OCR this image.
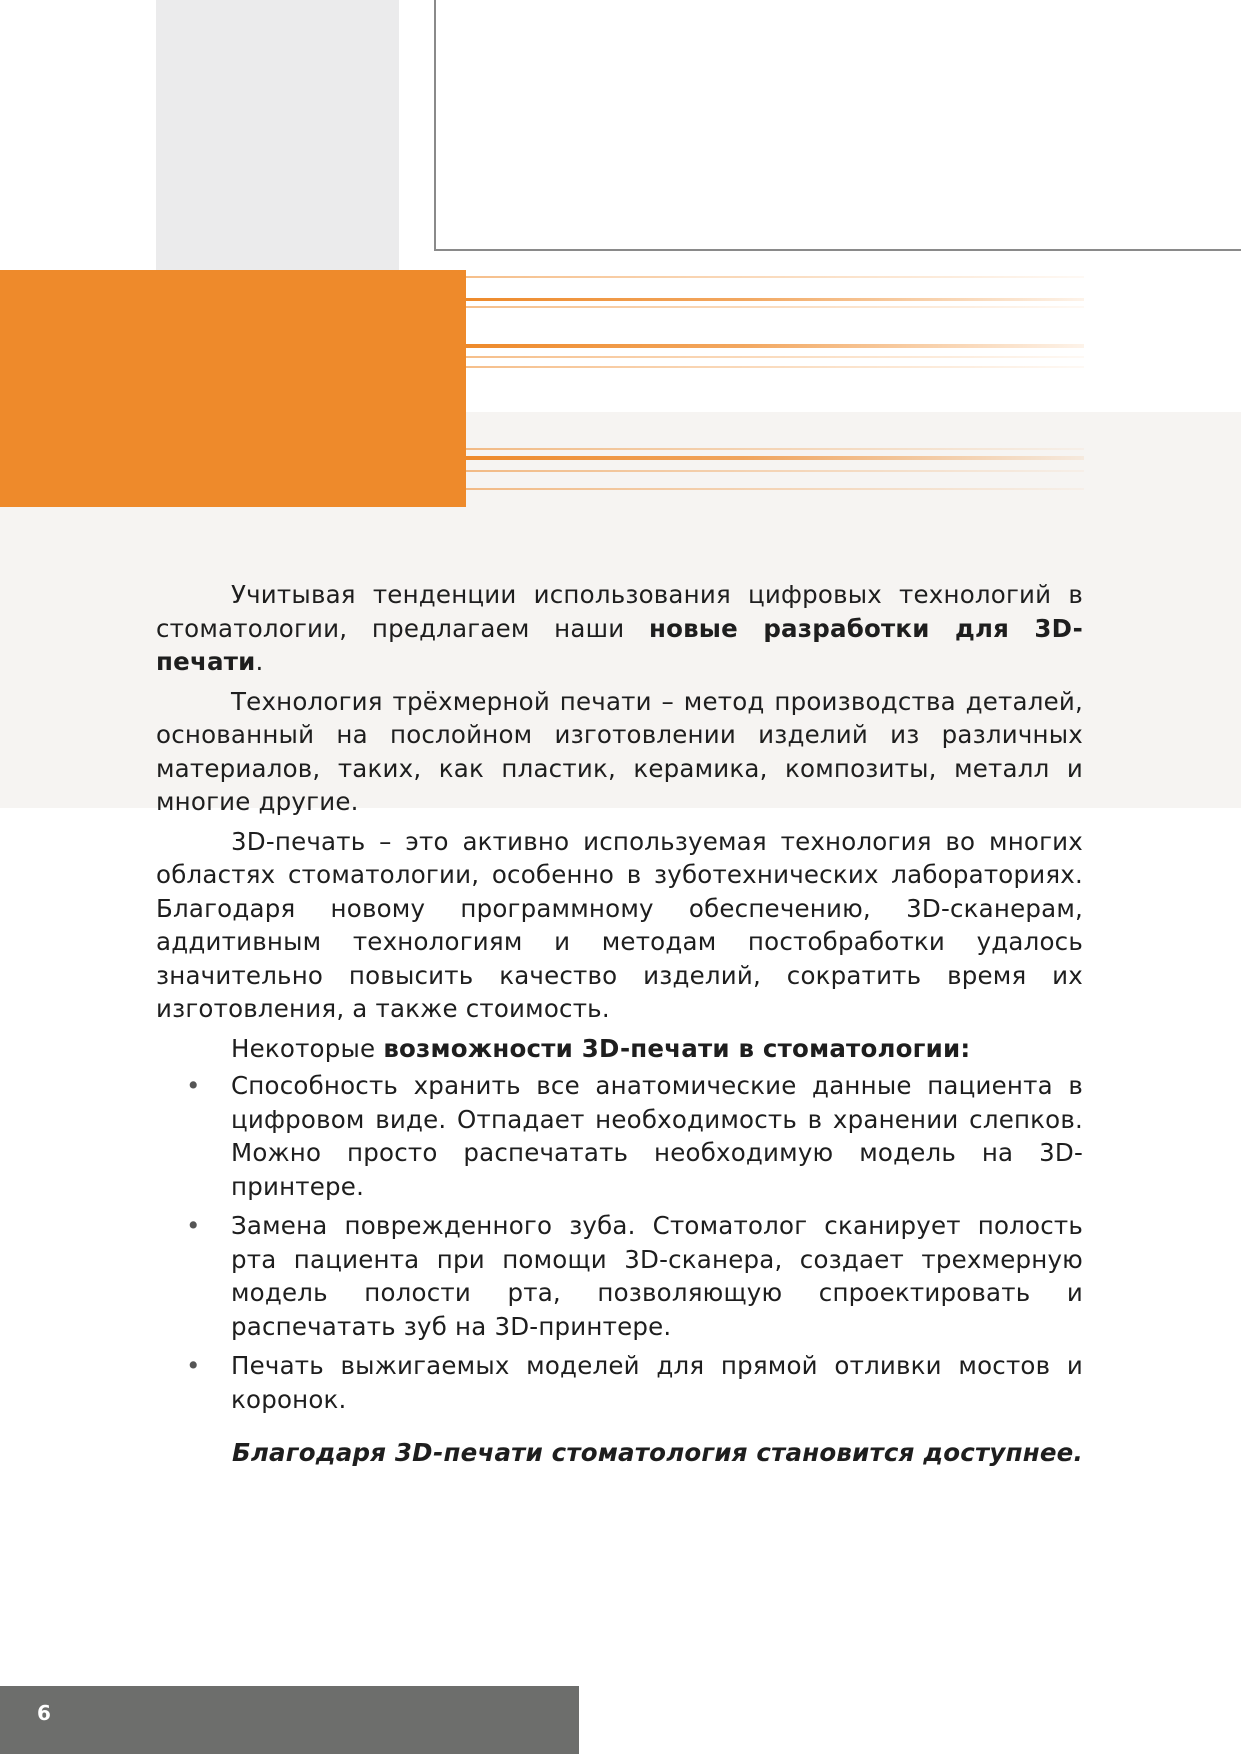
Учитывая тенденции использования цифровых технологий в стоматологии, предлагаем наши новые разработки для 3D-печати.

Технология трёхмерной печати – метод производства деталей, основанный на послойном изготовлении изделий из различных материалов, таких, как пластик, керамика, композиты, металл и многие другие.

3D-печать – это активно используемая технология во многих областях стоматологии, особенно в зуботехнических лабораториях. Благодаря новому программному обеспечению, 3D-сканерам, аддитивным технологиям и методам постобработки удалось значительно повысить качество изделий, сократить время их изготовления, а также стоимость.

Некоторые возможности 3D-печати в стоматологии:

• Способность хранить все анатомические данные пациента в цифровом виде. Отпадает необходимость в хранении слепков. Можно просто распечатать необходимую модель на 3D-принтере.
• Замена поврежденного зуба. Стоматолог сканирует полость рта пациента при помощи 3D-сканера, создает трехмерную модель полости рта, позволяющую спроектировать и распечатать зуб на 3D-принтере.
• Печать выжигаемых моделей для прямой отливки мостов и коронок.

Благодаря 3D-печати стоматология становится доступнее.

6
